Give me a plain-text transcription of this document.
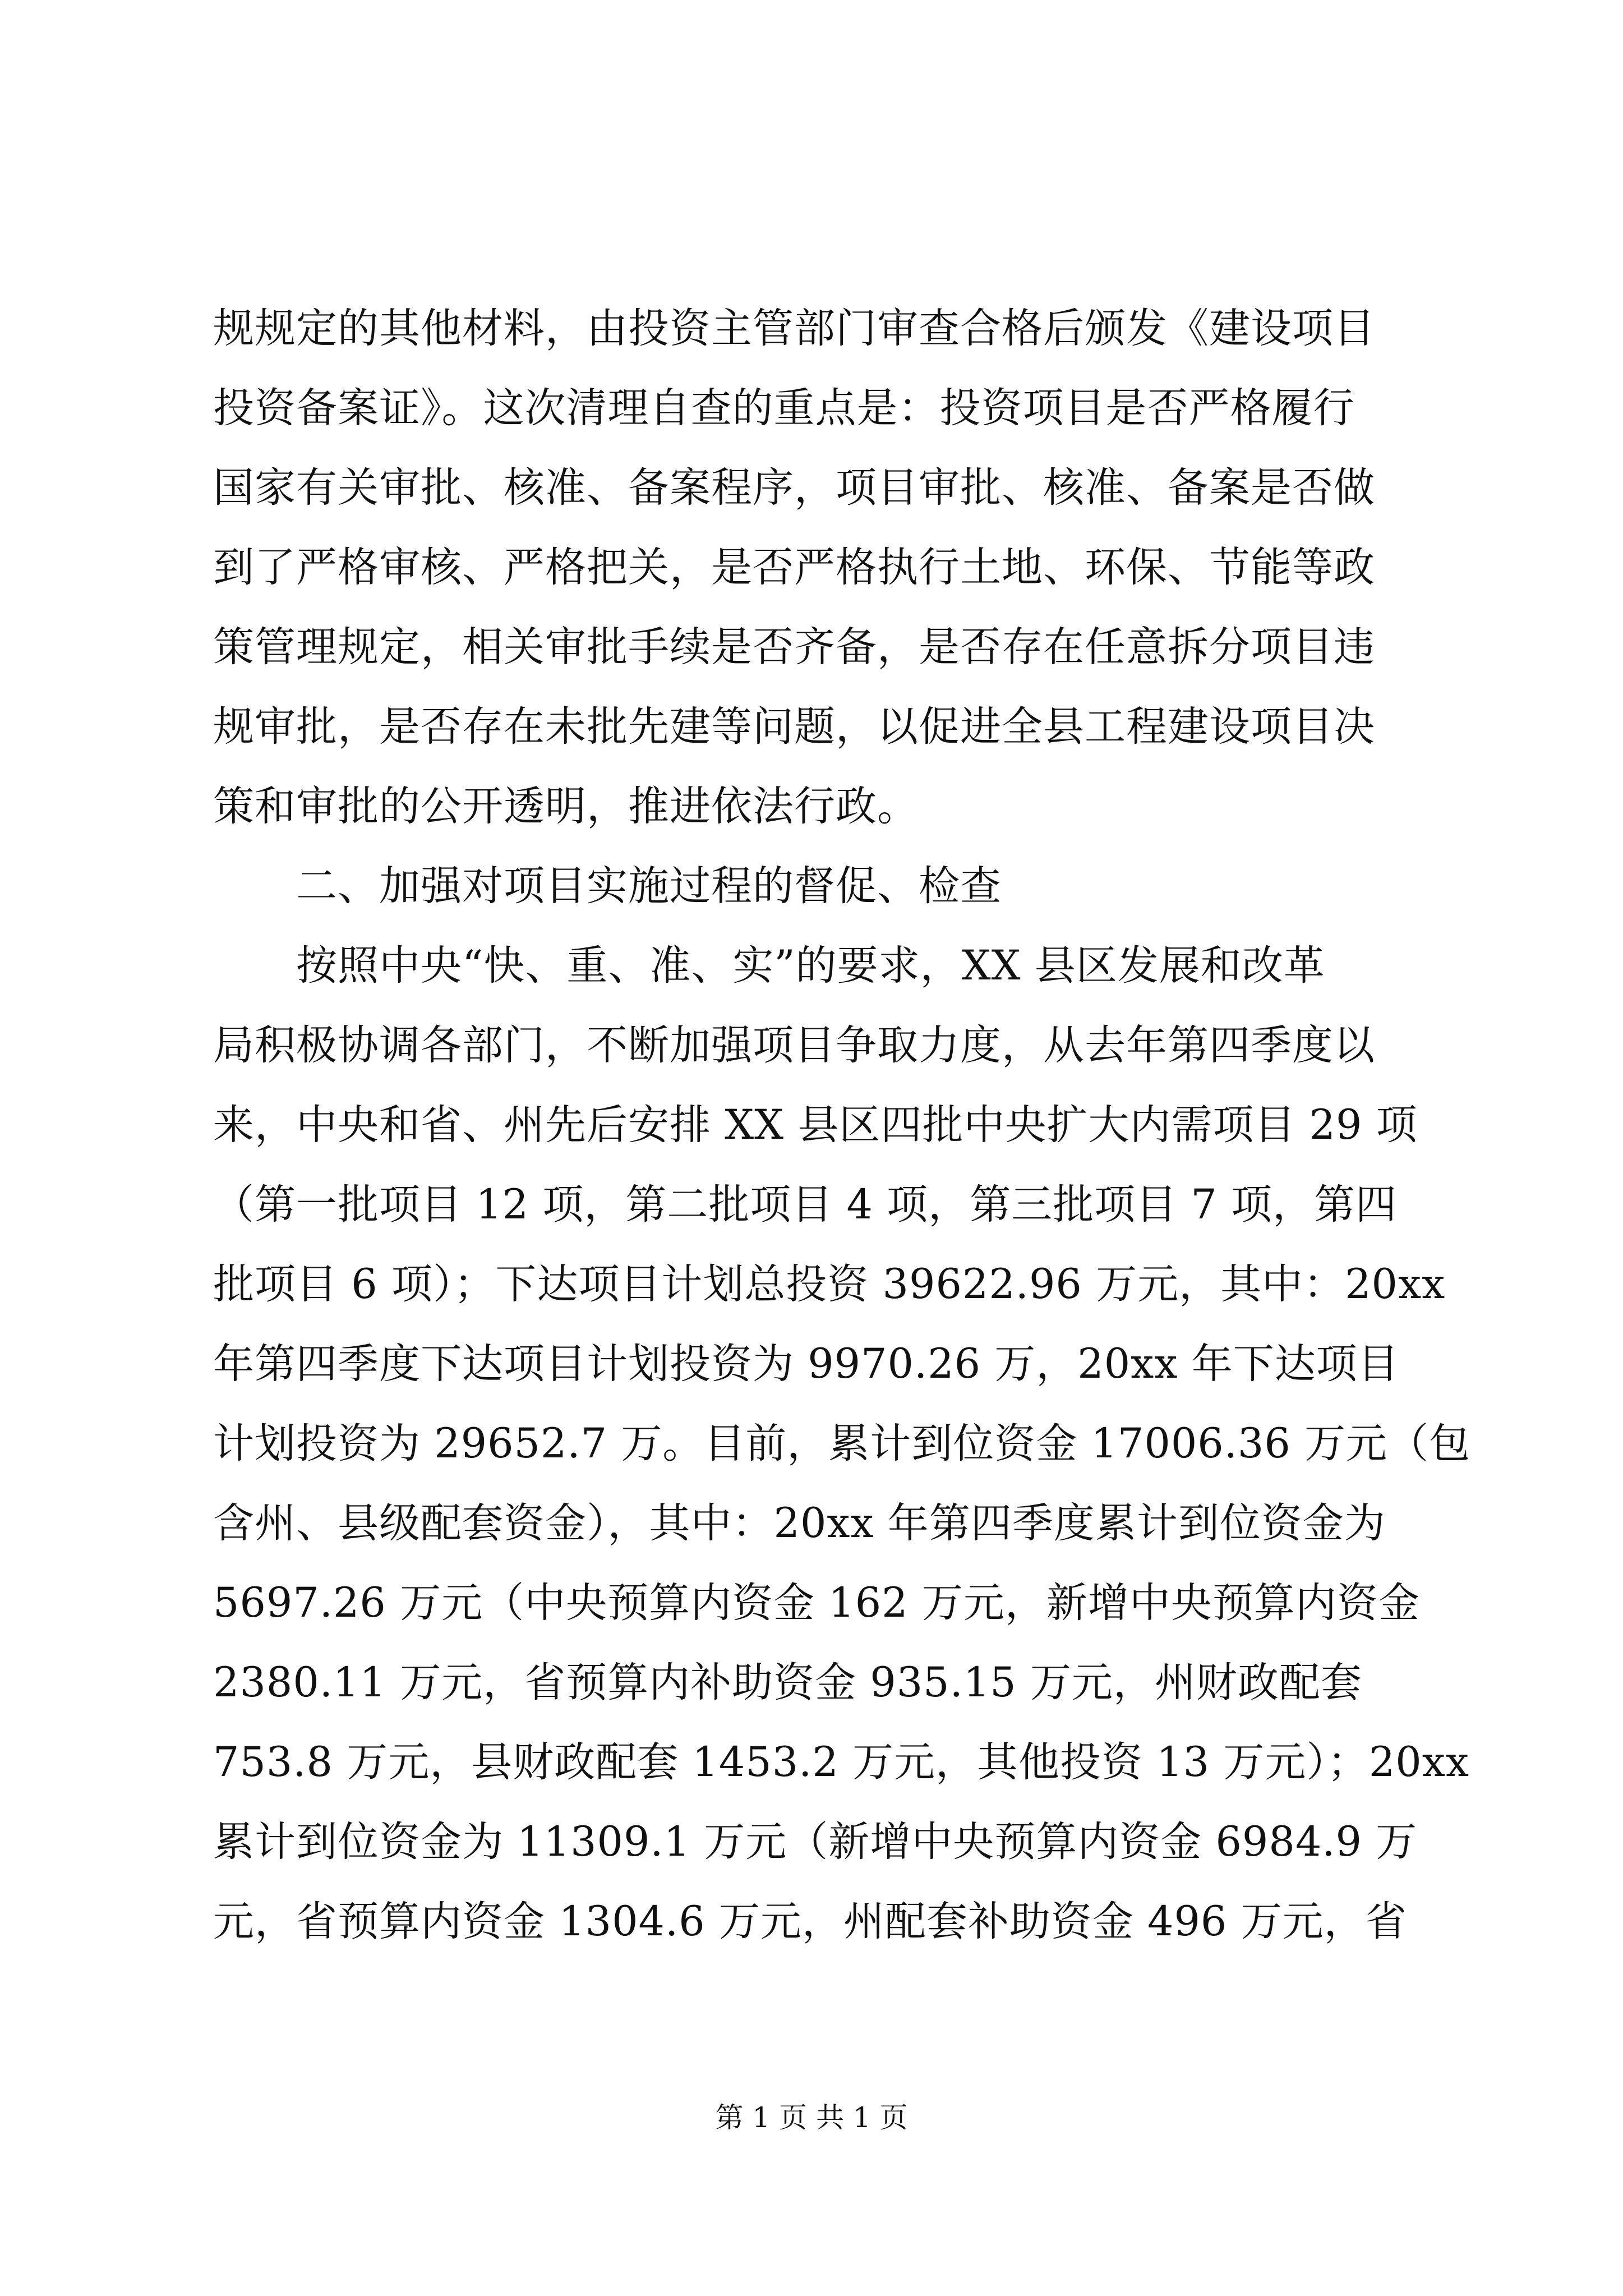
规规定的其他材料，由投资主管部门审查合格后颁发《建设项目
投资备案证》。这次清理自查的重点是：投资项目是否严格履行
国家有关审批、核准、备案程序，项目审批、核准、备案是否做
到了严格审核、严格把关，是否严格执行土地、环保、节能等政
策管理规定，相关审批手续是否齐备，是否存在任意拆分项目违
规审批，是否存在未批先建等问题，以促进全县工程建设项目决
策和审批的公开透明，推进依法行政。
　　二、加强对项目实施过程的督促、检查
　　按照中央“快、重、准、实”的要求，XX 县区发展和改革
局积极协调各部门，不断加强项目争取力度，从去年第四季度以
来，中央和省、州先后安排 XX 县区四批中央扩大内需项目 29 项
（第一批项目 12 项，第二批项目 4 项，第三批项目 7 项，第四
批项目 6 项）；下达项目计划总投资 39622.96 万元，其中：20xx
年第四季度下达项目计划投资为 9970.26 万，20xx 年下达项目
计划投资为 29652.7 万。目前，累计到位资金 17006.36 万元（包
含州、县级配套资金），其中：20xx 年第四季度累计到位资金为
5697.26 万元（中央预算内资金 162 万元，新增中央预算内资金
2380.11 万元，省预算内补助资金 935.15 万元，州财政配套
753.8 万元，县财政配套 1453.2 万元，其他投资 13 万元）；20xx
累计到位资金为 11309.1 万元（新增中央预算内资金 6984.9 万
元，省预算内资金 1304.6 万元，州配套补助资金 496 万元，省
第 1 页 共 1 页
